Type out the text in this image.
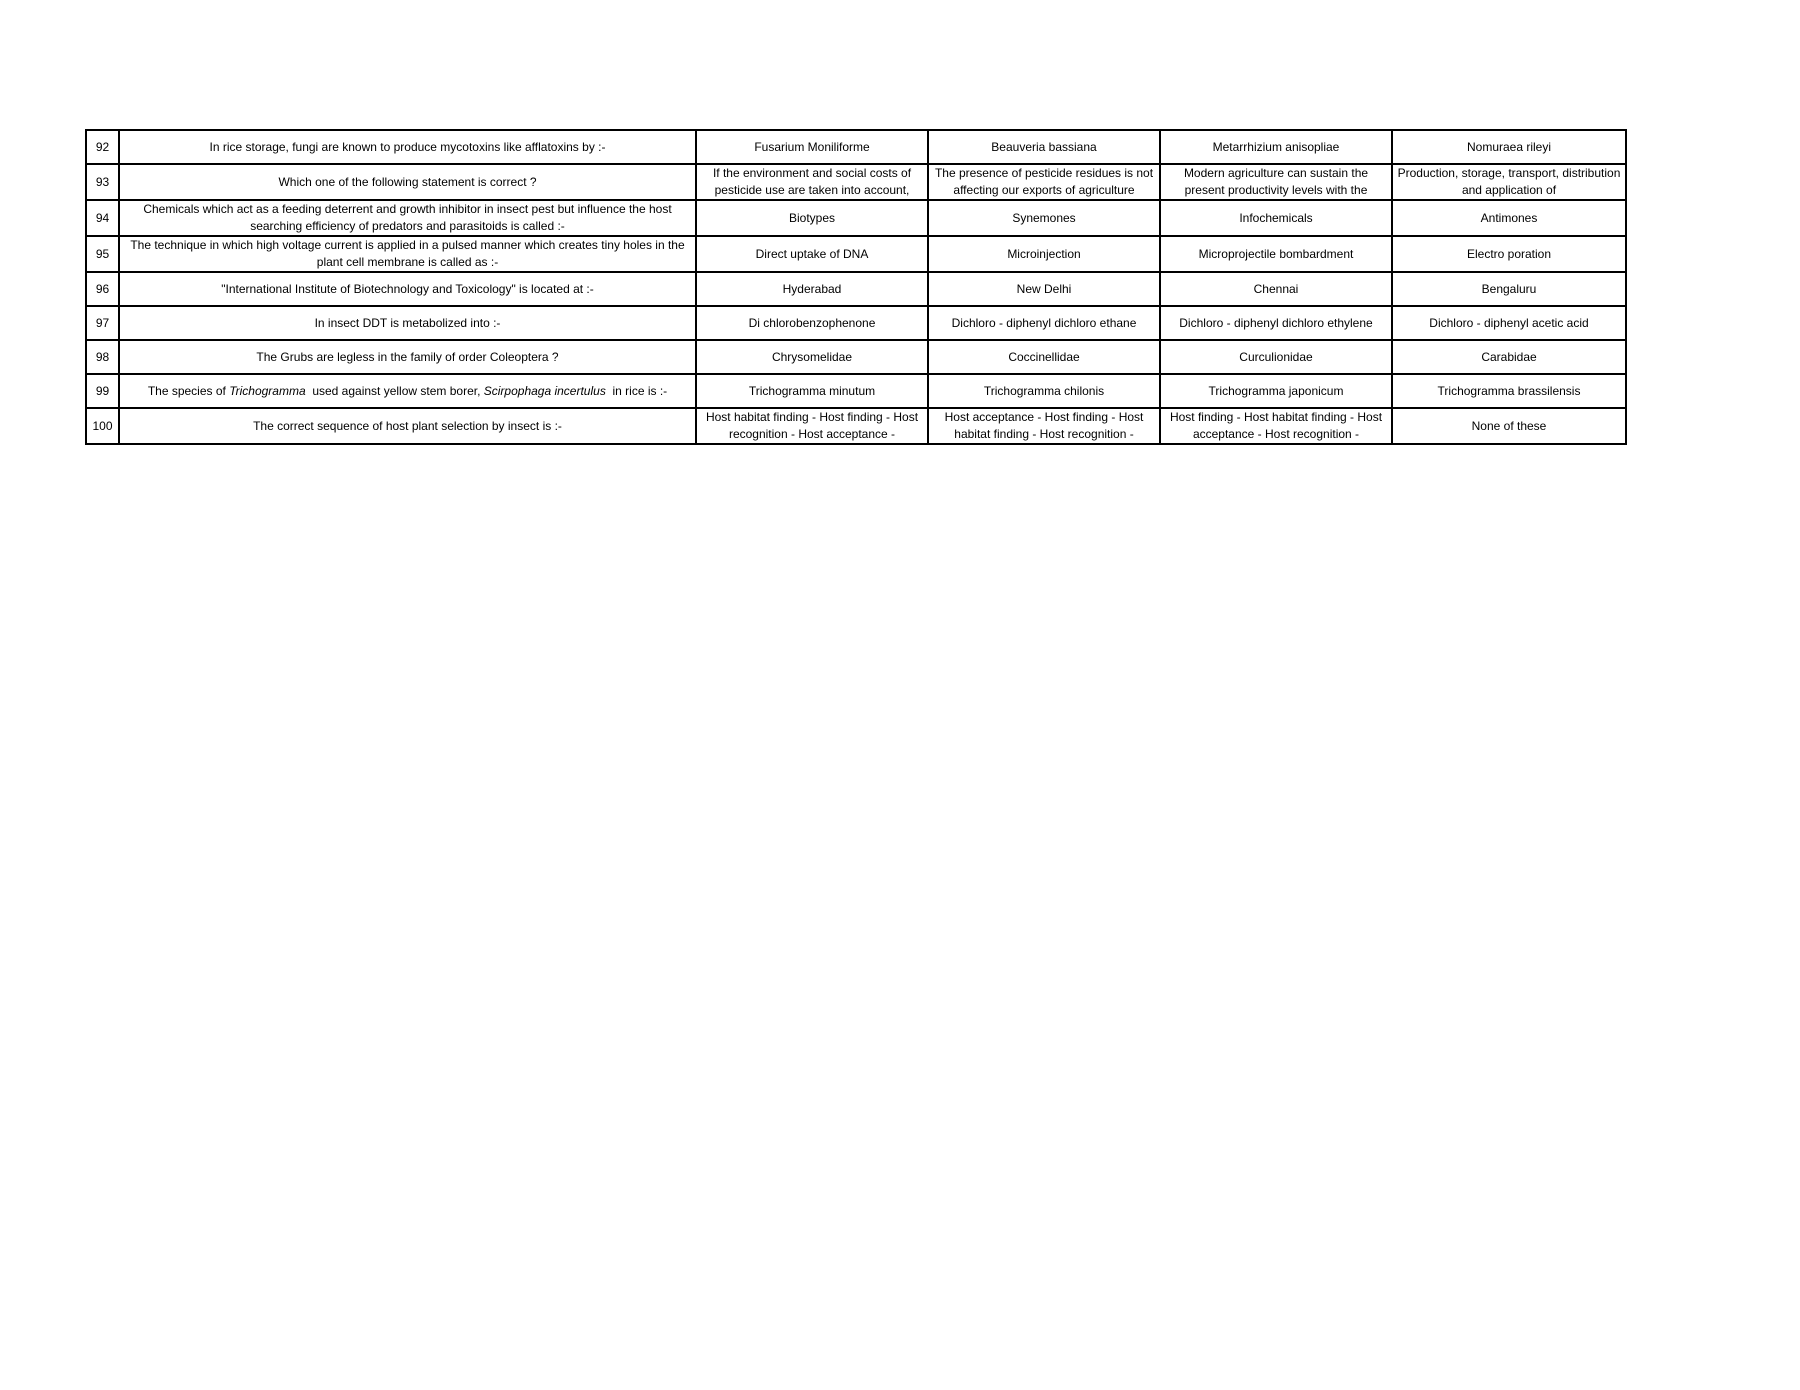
92	In rice storage, fungi are known to produce mycotoxins like afflatoxins by :-	Fusarium Moniliforme	Beauveria bassiana	Metarrhizium anisopliae	Nomuraea rileyi
93	Which one of the following statement is correct ?	If the environment and social costs of pesticide use are taken into account,	The presence of pesticide residues is not affecting our exports of agriculture	Modern agriculture can sustain the present productivity levels with the	Production, storage, transport, distribution and application of

94	Chemicals which act as a feeding deterrent and growth inhibitor in insect pest but influence the host searching efficiency of predators and parasitoids is called :-	Biotypes	Synemones	Infochemicals	Antimones
95	The technique in which high voltage current is applied in a pulsed manner which creates tiny holes in the plant cell membrane is called as :-	Direct uptake of DNA	Microinjection	Microprojectile bombardment	Electro poration
96	"International Institute of Biotechnology and Toxicology" is located at :-	Hyderabad	New Delhi	Chennai	Bengaluru
97	In insect DDT is metabolized into :-	Di chlorobenzophenone	Dichloro - diphenyl dichloro ethane	Dichloro - diphenyl dichloro ethylene	Dichloro - diphenyl acetic acid
98	The Grubs are legless in the family of order Coleoptera ?	Chrysomelidae	Coccinellidae	Curculionidae	Carabidae
99	The species of Trichogramma  used against yellow stem borer, Scirpophaga incertulus  in rice is :-	Trichogramma minutum	Trichogramma chilonis	Trichogramma japonicum	Trichogramma brassilensis
100	The correct sequence of host plant selection by insect is :-	Host habitat finding - Host finding - Host recognition - Host acceptance -	Host acceptance - Host finding - Host habitat finding - Host recognition -	Host finding - Host habitat finding - Host acceptance - Host recognition -	None of these
